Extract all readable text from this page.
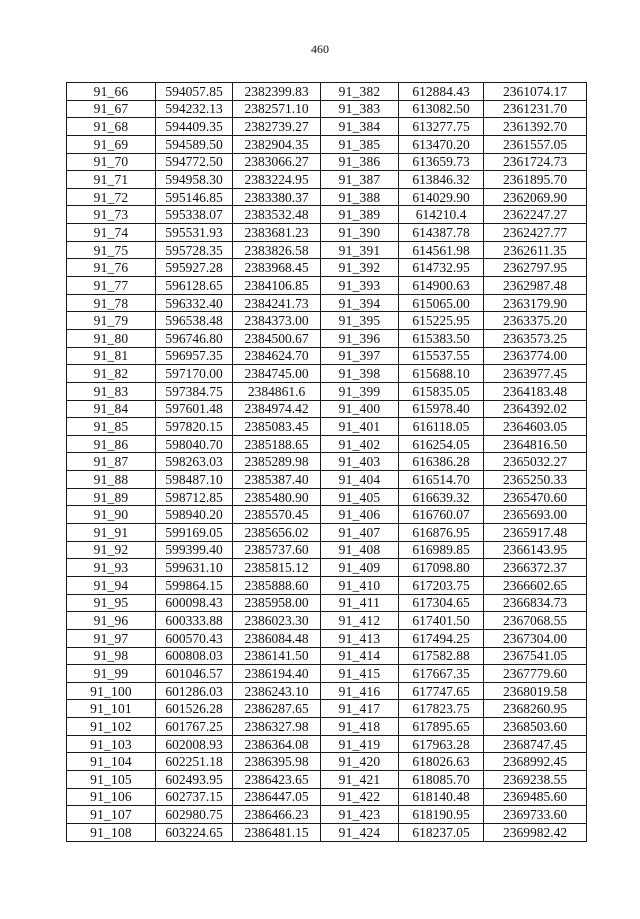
460
91_66	594057.85	2382399.83	91_382	612884.43	2361074.17
91_67	594232.13	2382571.10	91_383	613082.50	2361231.70
91_68	594409.35	2382739.27	91_384	613277.75	2361392.70
91_69	594589.50	2382904.35	91_385	613470.20	2361557.05
91_70	594772.50	2383066.27	91_386	613659.73	2361724.73
91_71	594958.30	2383224.95	91_387	613846.32	2361895.70
91_72	595146.85	2383380.37	91_388	614029.90	2362069.90
91_73	595338.07	2383532.48	91_389	614210.4	2362247.27
91_74	595531.93	2383681.23	91_390	614387.78	2362427.77
91_75	595728.35	2383826.58	91_391	614561.98	2362611.35
91_76	595927.28	2383968.45	91_392	614732.95	2362797.95
91_77	596128.65	2384106.85	91_393	614900.63	2362987.48
91_78	596332.40	2384241.73	91_394	615065.00	2363179.90
91_79	596538.48	2384373.00	91_395	615225.95	2363375.20
91_80	596746.80	2384500.67	91_396	615383.50	2363573.25
91_81	596957.35	2384624.70	91_397	615537.55	2363774.00
91_82	597170.00	2384745.00	91_398	615688.10	2363977.45
91_83	597384.75	2384861.6	91_399	615835.05	2364183.48
91_84	597601.48	2384974.42	91_400	615978.40	2364392.02
91_85	597820.15	2385083.45	91_401	616118.05	2364603.05
91_86	598040.70	2385188.65	91_402	616254.05	2364816.50
91_87	598263.03	2385289.98	91_403	616386.28	2365032.27
91_88	598487.10	2385387.40	91_404	616514.70	2365250.33
91_89	598712.85	2385480.90	91_405	616639.32	2365470.60
91_90	598940.20	2385570.45	91_406	616760.07	2365693.00
91_91	599169.05	2385656.02	91_407	616876.95	2365917.48
91_92	599399.40	2385737.60	91_408	616989.85	2366143.95
91_93	599631.10	2385815.12	91_409	617098.80	2366372.37
91_94	599864.15	2385888.60	91_410	617203.75	2366602.65
91_95	600098.43	2385958.00	91_411	617304.65	2366834.73
91_96	600333.88	2386023.30	91_412	617401.50	2367068.55
91_97	600570.43	2386084.48	91_413	617494.25	2367304.00
91_98	600808.03	2386141.50	91_414	617582.88	2367541.05
91_99	601046.57	2386194.40	91_415	617667.35	2367779.60
91_100	601286.03	2386243.10	91_416	617747.65	2368019.58
91_101	601526.28	2386287.65	91_417	617823.75	2368260.95
91_102	601767.25	2386327.98	91_418	617895.65	2368503.60
91_103	602008.93	2386364.08	91_419	617963.28	2368747.45
91_104	602251.18	2386395.98	91_420	618026.63	2368992.45
91_105	602493.95	2386423.65	91_421	618085.70	2369238.55
91_106	602737.15	2386447.05	91_422	618140.48	2369485.60
91_107	602980.75	2386466.23	91_423	618190.95	2369733.60
91_108	603224.65	2386481.15	91_424	618237.05	2369982.42
